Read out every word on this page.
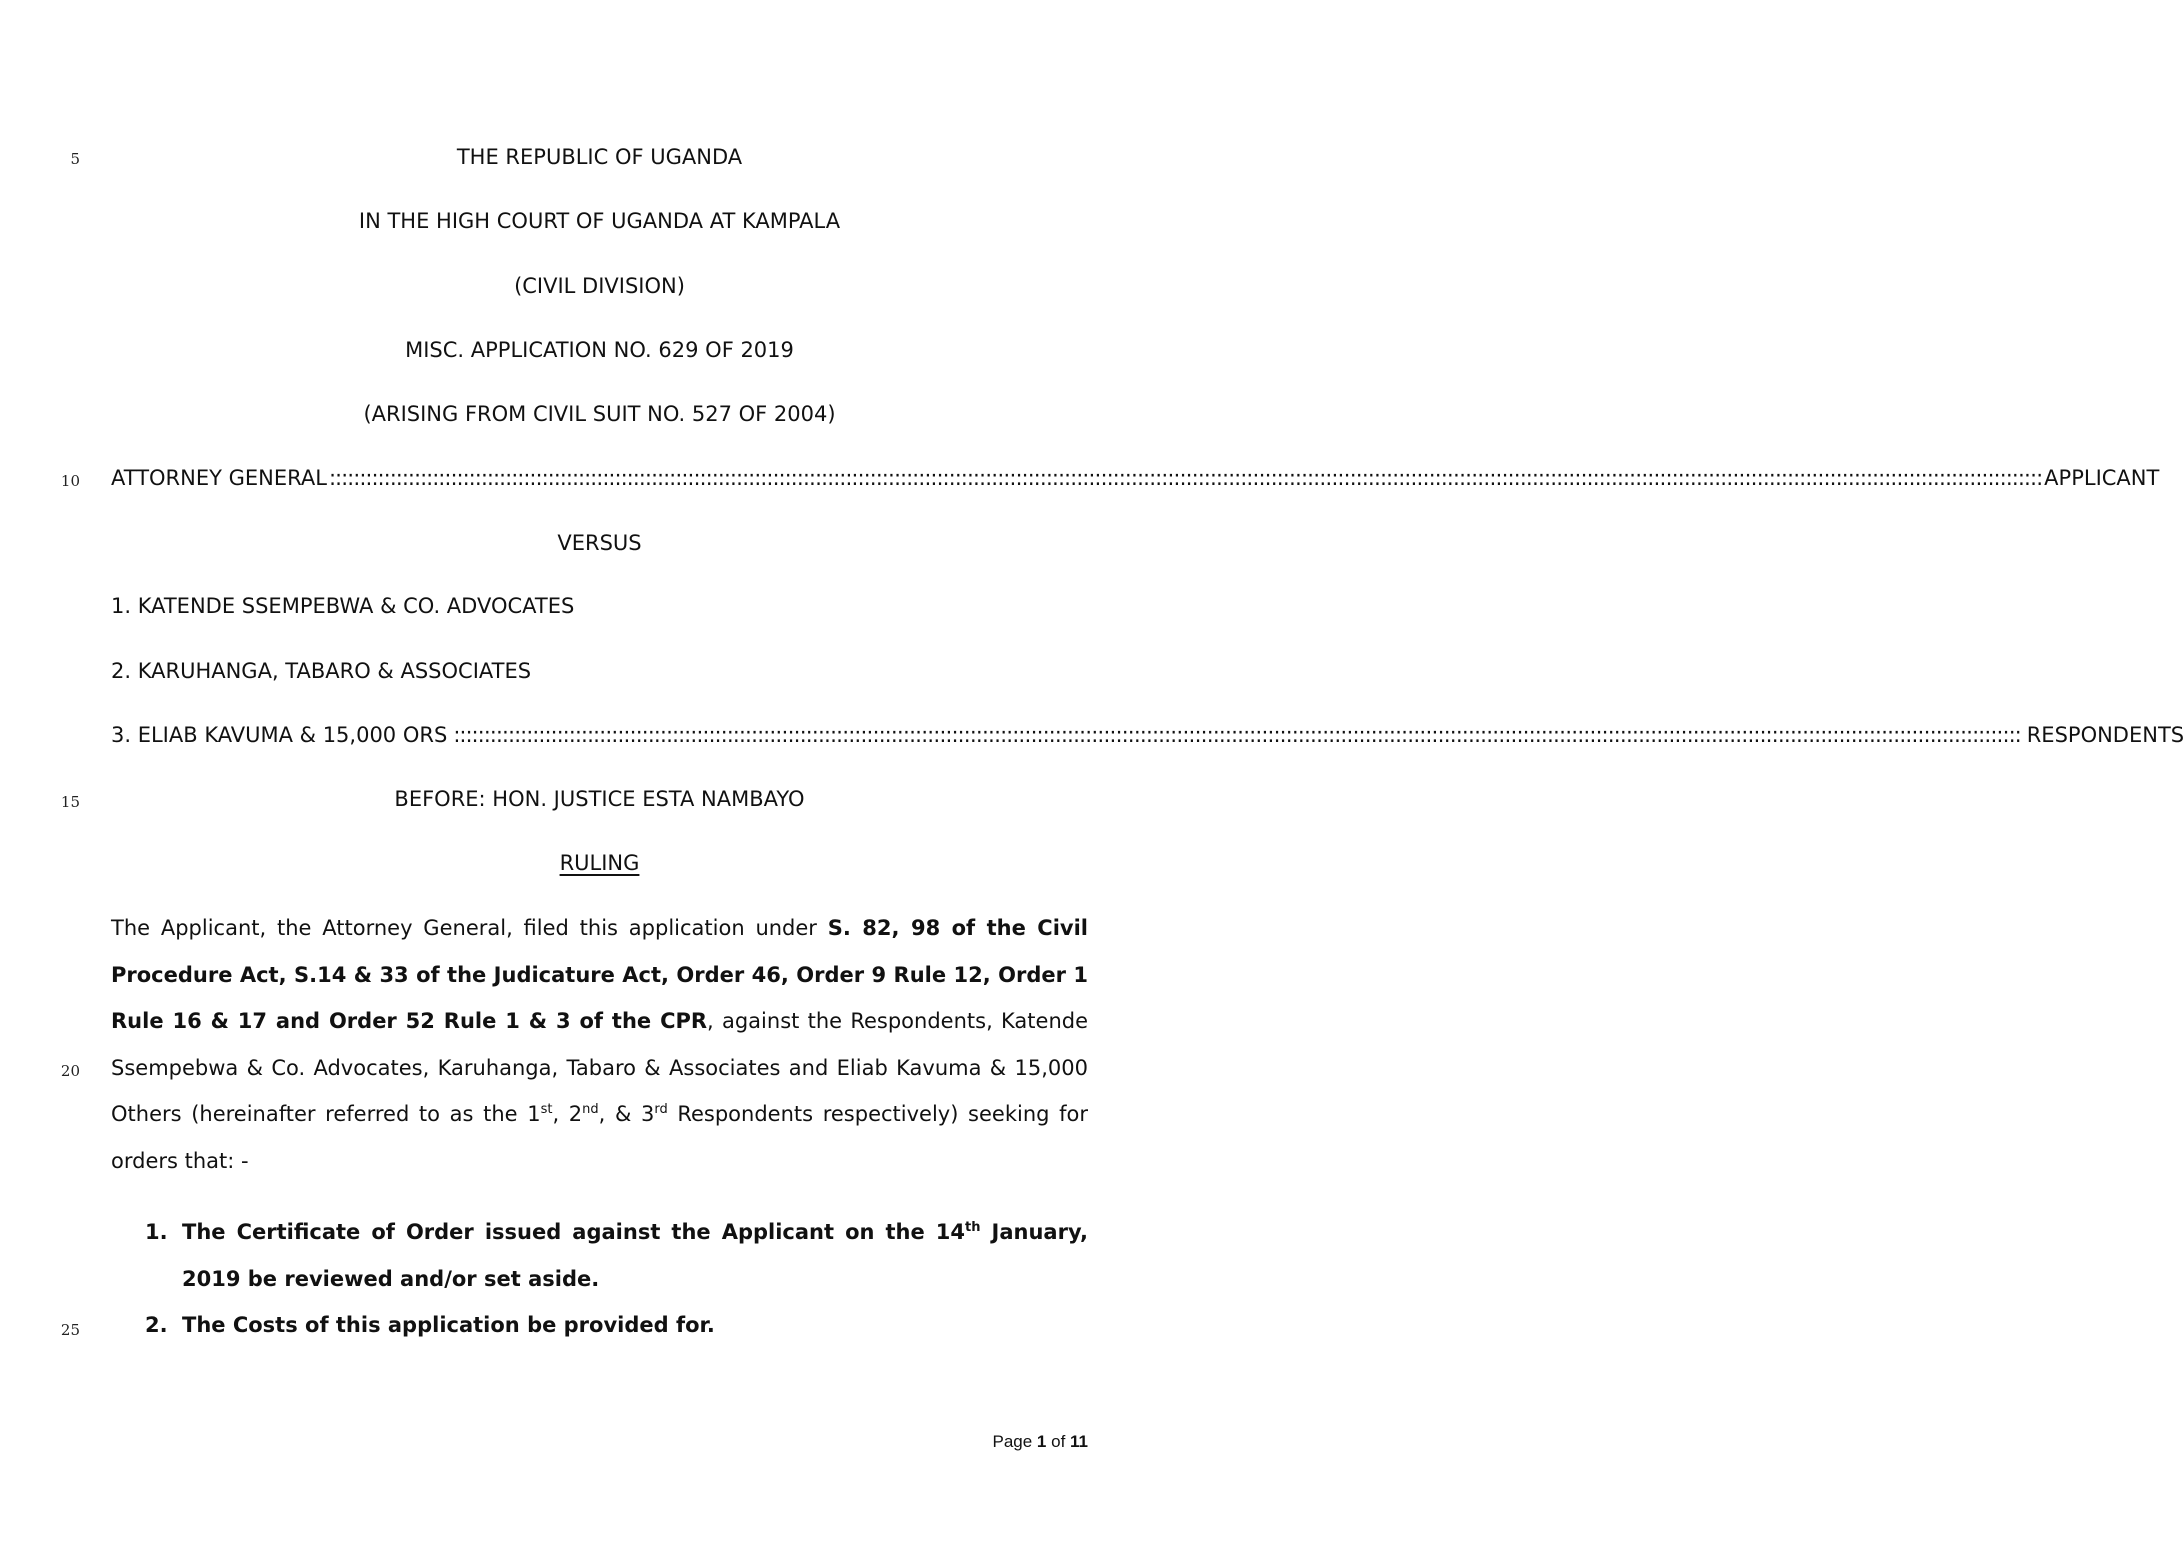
5
10
15
20
25
THE REPUBLIC OF UGANDA
IN THE HIGH COURT OF UGANDA AT KAMPALA
(CIVIL DIVISION)
MISC. APPLICATION NO. 629 OF 2019
(ARISING FROM CIVIL SUIT NO. 527 OF 2004)
ATTORNEY GENERAL :::::::::::::::::::::::::::::::::::::::::::::::::::::::::::::::::::::::::::::::::::::::::::::::::::::::::::::::::::::::::::::::::::::::::::::::::::::::::::::::::::::::::::::::::::::::::::::::::::::::::::::::::::::::::::::::::::::::::::::::::::::::::::::::::::::::::::::::::::::::::: APPLICANT
VERSUS
1. KATENDE SSEMPEBWA & CO. ADVOCATES
2. KARUHANGA, TABARO & ASSOCIATES
3. ELIAB KAVUMA & 15,000 ORS :::::::::::::::::::::::::::::::::::::::::::::::::::::::::::::::::::::::::::::::::::::::::::::::::::::::::::::::::::::::::::::::::::::::::::::::::::::::::::::::::::::::::::::::::::::::::::::::::::::::::::::::::::::::::::::::::::::::::::::::::::::::::::::::::: RESPONDENTS
BEFORE: HON. JUSTICE ESTA NAMBAYO
RULING
The Applicant, the Attorney General, filed this application under S. 82, 98 of the Civil Procedure Act, S.14 & 33 of the Judicature Act, Order 46, Order 9 Rule 12, Order 1 Rule 16 & 17 and Order 52 Rule 1 & 3 of the CPR, against the Respondents, Katende Ssempebwa & Co. Advocates, Karuhanga, Tabaro & Associates and Eliab Kavuma & 15,000 Others (hereinafter referred to as the 1st, 2nd, & 3rd Respondents respectively) seeking for orders that: -
1. The Certificate of Order issued against the Applicant on the 14th January, 2019 be reviewed and/or set aside.
2. The Costs of this application be provided for.
Page 1 of 11
